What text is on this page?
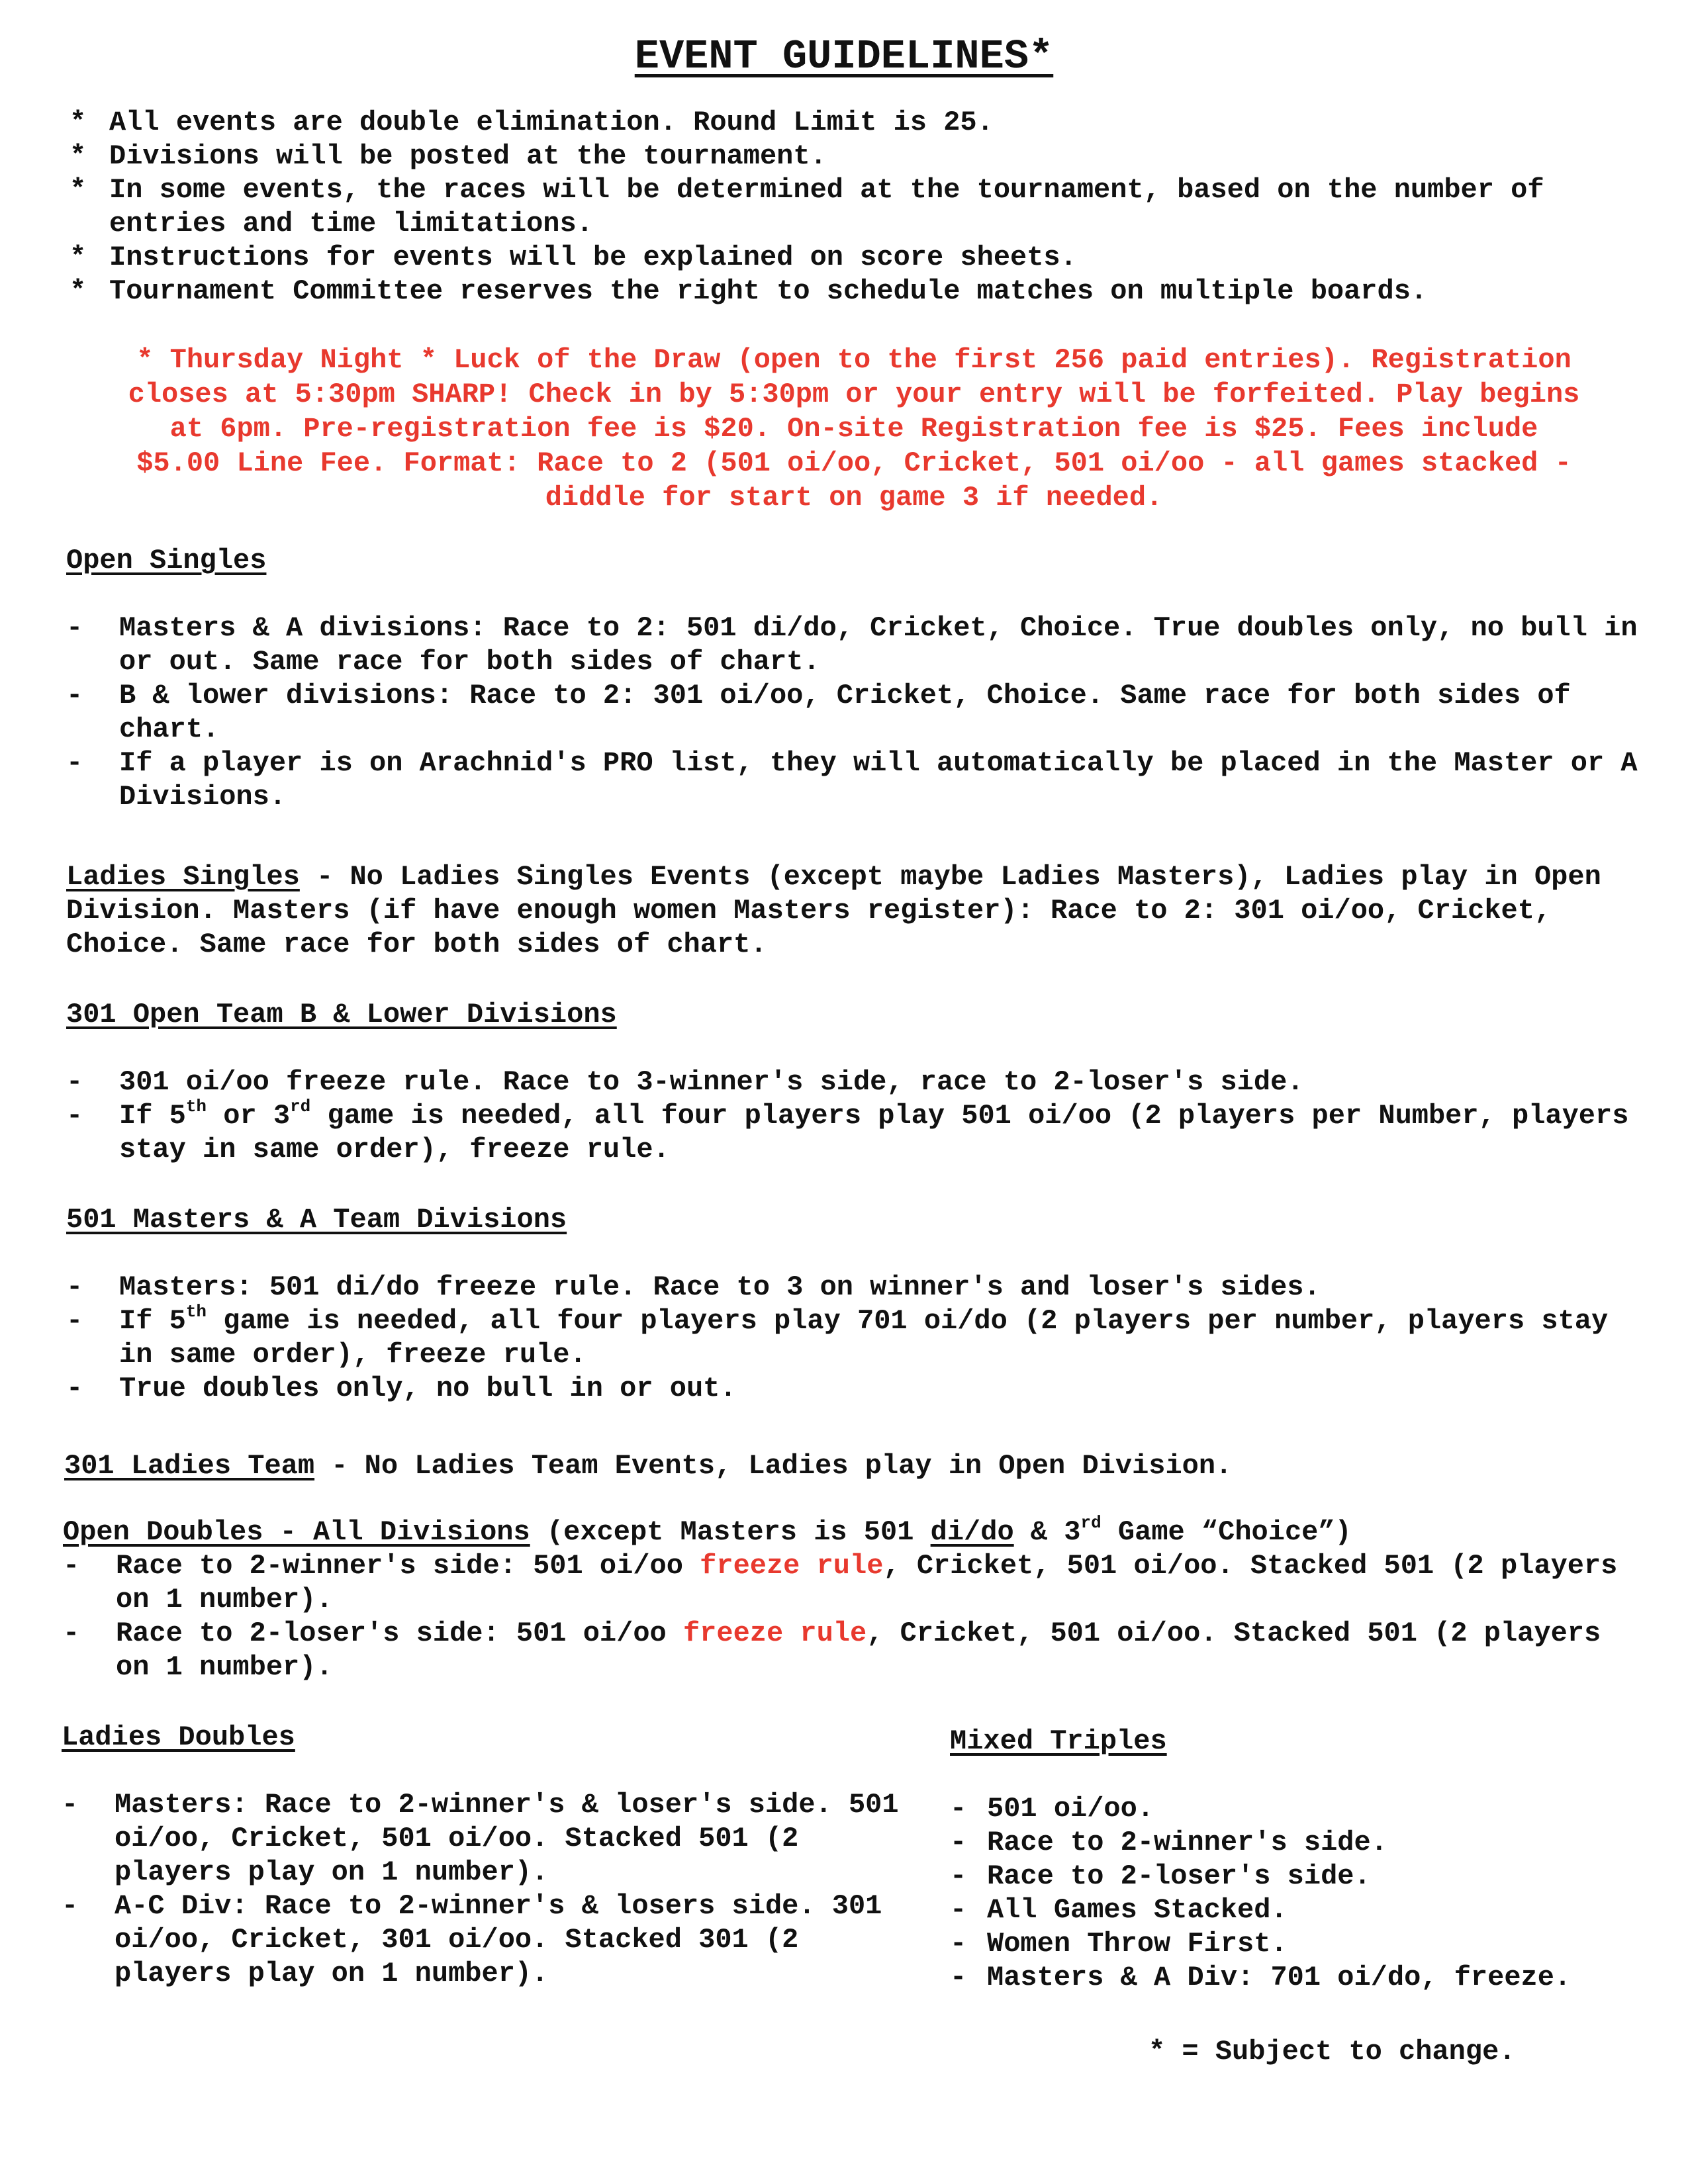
EVENT GUIDELINES*
* All events are double elimination. Round Limit is 25.
* Divisions will be posted at the tournament.
* In some events, the races will be determined at the tournament, based on the number of entries and time limitations.
* Instructions for events will be explained on score sheets.
* Tournament Committee reserves the right to schedule matches on multiple boards.
* Thursday Night * Luck of the Draw (open to the first 256 paid entries). Registration
closes at 5:30pm SHARP! Check in by 5:30pm or your entry will be forfeited. Play begins
at 6pm. Pre-registration fee is $20. On-site Registration fee is $25. Fees include
$5.00 Line Fee. Format: Race to 2 (501 oi/oo, Cricket, 501 oi/oo - all games stacked -
diddle for start on game 3 if needed.
Open Singles
- Masters & A divisions: Race to 2: 501 di/do, Cricket, Choice. True doubles only, no bull in or out. Same race for both sides of chart.
- B & lower divisions: Race to 2: 301 oi/oo, Cricket, Choice. Same race for both sides of chart.
- If a player is on Arachnid's PRO list, they will automatically be placed in the Master or A Divisions.
Ladies Singles - No Ladies Singles Events (except maybe Ladies Masters), Ladies play in Open Division. Masters (if have enough women Masters register): Race to 2: 301 oi/oo, Cricket, Choice. Same race for both sides of chart.
301 Open Team B & Lower Divisions
- 301 oi/oo freeze rule. Race to 3-winner's side, race to 2-loser's side.
- If 5th or 3rd game is needed, all four players play 501 oi/oo (2 players per Number, players stay in same order), freeze rule.
501 Masters & A Team Divisions
- Masters: 501 di/do freeze rule. Race to 3 on winner's and loser's sides.
- If 5th game is needed, all four players play 701 oi/do (2 players per number, players stay in same order), freeze rule.
- True doubles only, no bull in or out.
301 Ladies Team - No Ladies Team Events, Ladies play in Open Division.
Open Doubles - All Divisions (except Masters is 501 di/do & 3rd Game “Choice”)
- Race to 2-winner's side: 501 oi/oo freeze rule, Cricket, 501 oi/oo. Stacked 501 (2 players on 1 number).
- Race to 2-loser's side: 501 oi/oo freeze rule, Cricket, 501 oi/oo. Stacked 501 (2 players on 1 number).
Ladies Doubles
- Masters: Race to 2-winner's & loser's side. 501 oi/oo, Cricket, 501 oi/oo. Stacked 501 (2 players play on 1 number).
- A-C Div: Race to 2-winner's & losers side. 301 oi/oo, Cricket, 301 oi/oo. Stacked 301 (2 players play on 1 number).
Mixed Triples
- 501 oi/oo.
- Race to 2-winner's side.
- Race to 2-loser's side.
- All Games Stacked.
- Women Throw First.
- Masters & A Div: 701 oi/do, freeze.
* = Subject to change.
